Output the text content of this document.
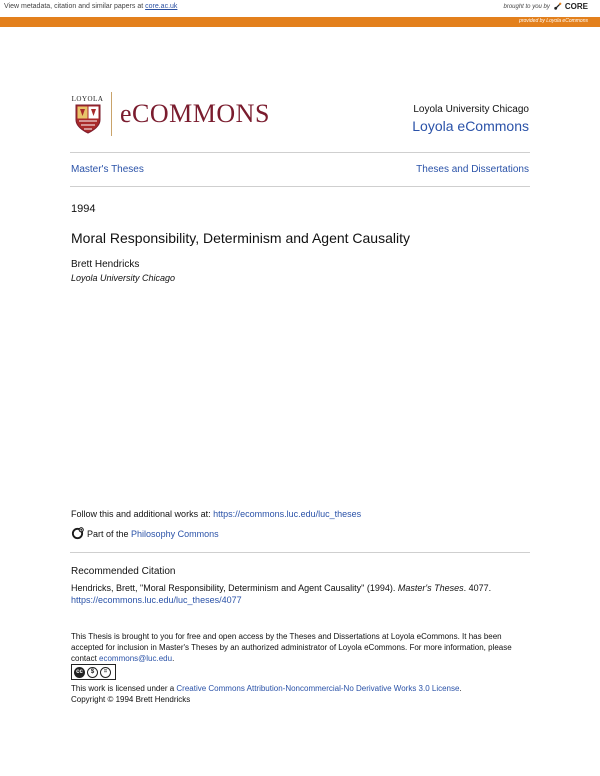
View metadata, citation and similar papers at core.ac.uk	brought to you by CORE
provided by Loyola eCommons
LOYOLA
eCOMMONS	Loyola University Chicago
Loyola eCommons
Master's Theses	Theses and Dissertations
1994
Moral Responsibility, Determinism and Agent Causality
Brett Hendricks
Loyola University Chicago
Follow this and additional works at: https://ecommons.luc.edu/luc_theses
Part of the
Philosophy Commons
Recommended Citation
Hendricks, Brett, "Moral Responsibility, Determinism and Agent Causality" (1994). Master's Theses. 4077.
https://ecommons.luc.edu/luc_theses/4077
This Thesis is brought to you for free and open access by the Theses and Dissertations at Loyola eCommons. It has been accepted for inclusion in Master's Theses by an authorized administrator of Loyola eCommons. For more information, please contact ecommons@luc.edu.
cc	$	=
This work is licensed under a Creative Commons Attribution-Noncommercial-No Derivative Works 3.0 License.
Copyright © 1994 Brett Hendricks
